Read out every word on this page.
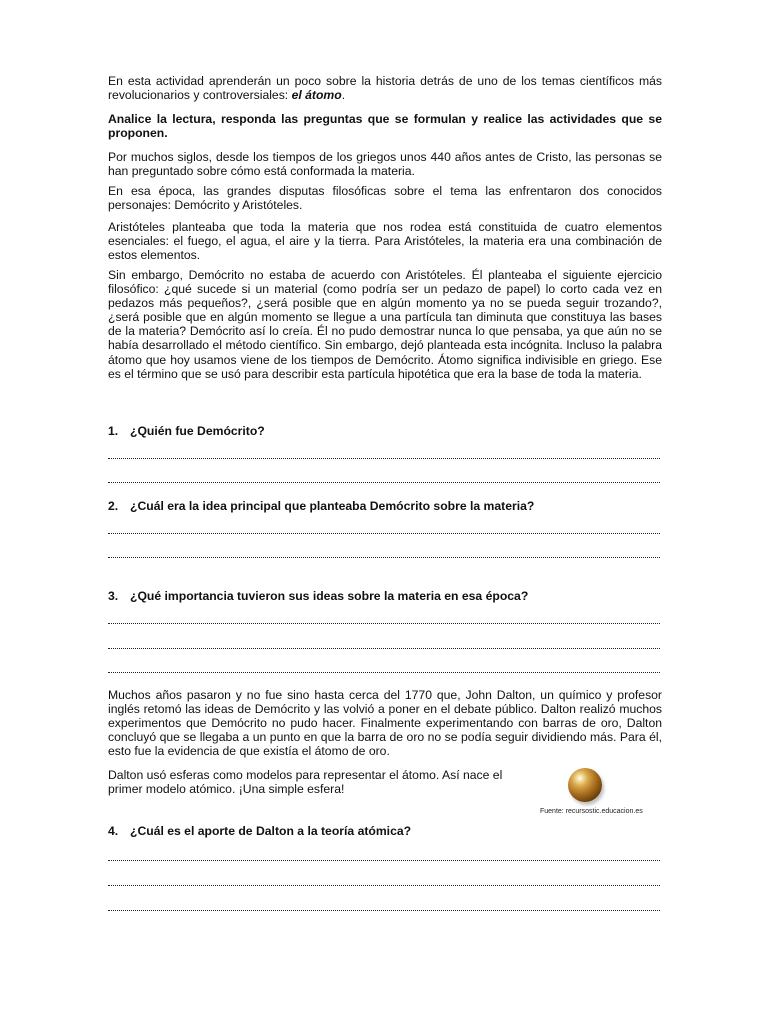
En esta actividad aprenderán un poco sobre la historia detrás de uno de los temas científicos más revolucionarios y controversiales: el átomo.

Analice la lectura, responda las preguntas que se formulan y realice las actividades que se proponen.

Por muchos siglos, desde los tiempos de los griegos unos 440 años antes de Cristo, las personas se han preguntado sobre cómo está conformada la materia.

En esa época, las grandes disputas filosóficas sobre el tema las enfrentaron dos conocidos personajes: Demócrito y Aristóteles.

Aristóteles planteaba que toda la materia que nos rodea está constituida de cuatro elementos esenciales: el fuego, el agua, el aire y la tierra. Para Aristóteles, la materia era una combinación de estos elementos.

Sin embargo, Demócrito no estaba de acuerdo con Aristóteles. Él planteaba el siguiente ejercicio filosófico: ¿qué sucede si un material (como podría ser un pedazo de papel) lo corto cada vez en pedazos más pequeños?, ¿será posible que en algún momento ya no se pueda seguir trozando?, ¿será posible que en algún momento se llegue a una partícula tan diminuta que constituya las bases de la materia? Demócrito así lo creía. Él no pudo demostrar nunca lo que pensaba, ya que aún no se había desarrollado el método científico. Sin embargo, dejó planteada esta incógnita. Incluso la palabra átomo que hoy usamos viene de los tiempos de Demócrito. Átomo significa indivisible en griego. Ese es el término que se usó para describir esta partícula hipotética que era la base de toda la materia.

1. ¿Quién fue Demócrito?

2. ¿Cuál era la idea principal que planteaba Demócrito sobre la materia?

3. ¿Qué importancia tuvieron sus ideas sobre la materia en esa época?

Muchos años pasaron y no fue sino hasta cerca del 1770 que, John Dalton, un químico y profesor inglés retomó las ideas de Demócrito y las volvió a poner en el debate público. Dalton realizó muchos experimentos que Demócrito no pudo hacer. Finalmente experimentando con barras de oro, Dalton concluyó que se llegaba a un punto en que la barra de oro no se podía seguir dividiendo más. Para él, esto fue la evidencia de que existía el átomo de oro.

Dalton usó esferas como modelos para representar el átomo. Así nace el primer modelo atómico. ¡Una simple esfera!

Fuente: recursostic.educacion.es

4. ¿Cuál es el aporte de Dalton a la teoría atómica?
